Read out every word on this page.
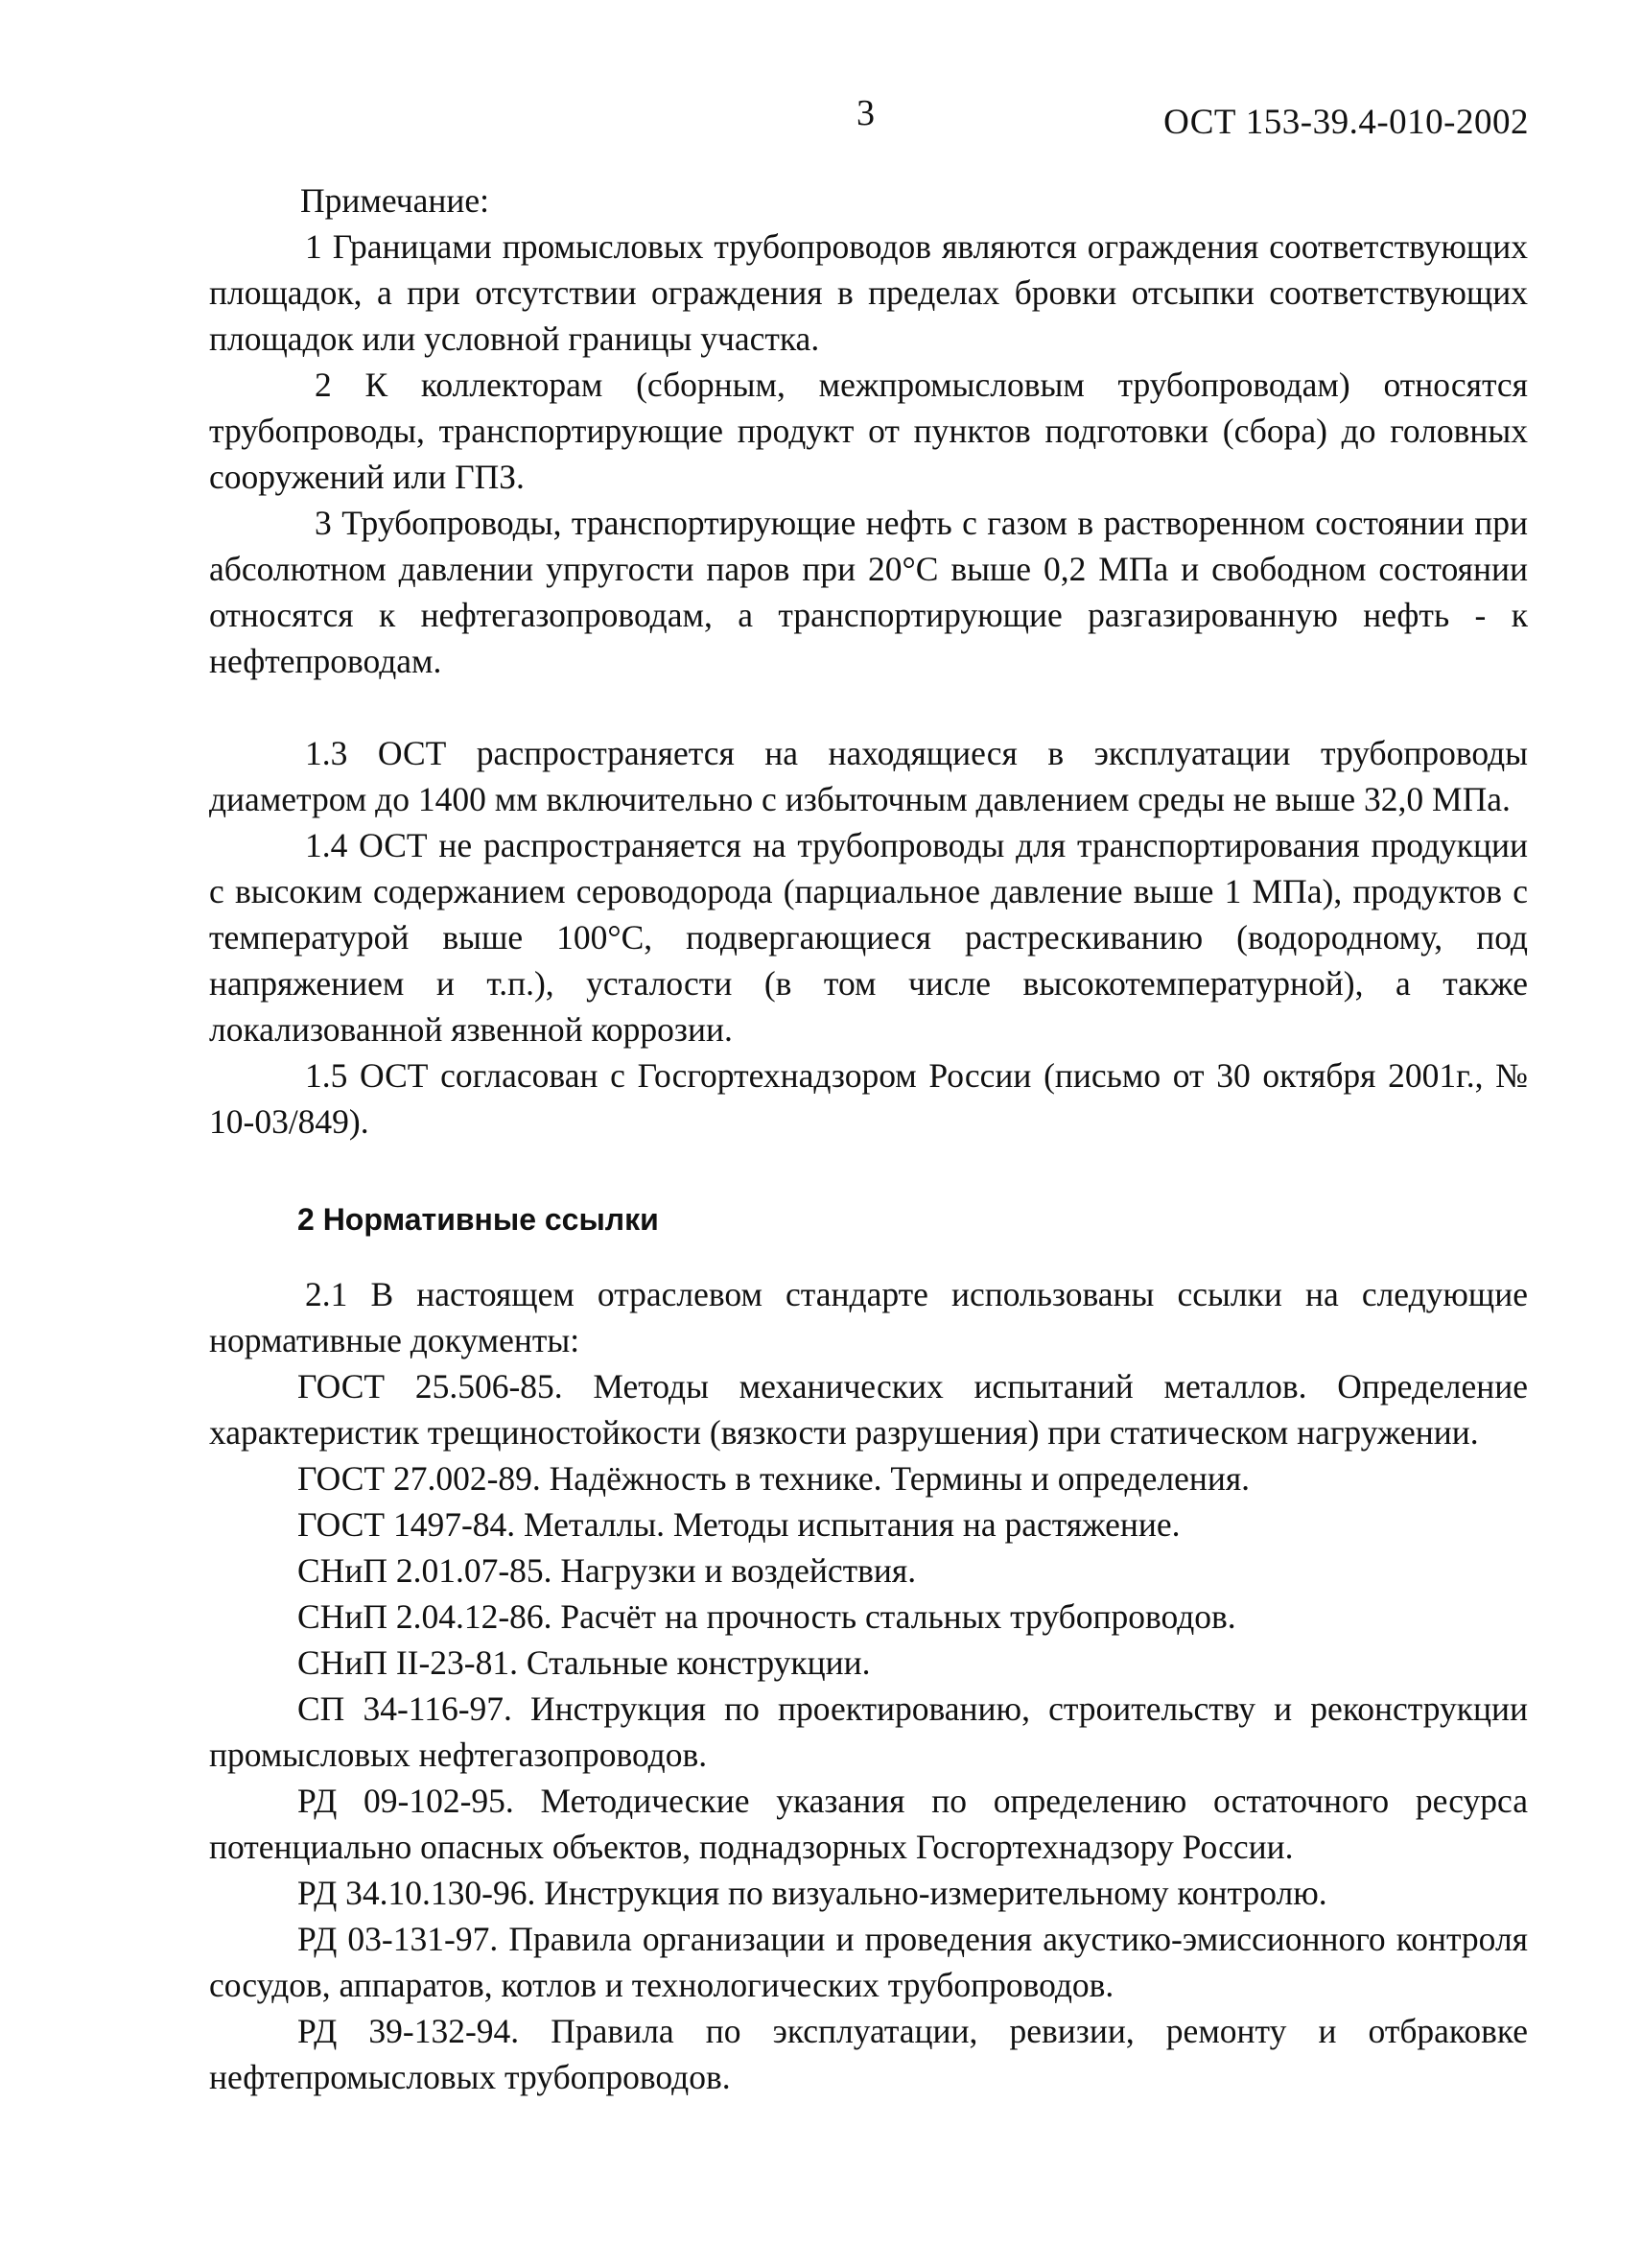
3	ОСТ 153-39.4-010-2002

Примечание:

1 Границами промысловых трубопроводов являются ограждения соответствующих площадок, а при отсутствии ограждения в пределах бровки отсыпки соответствующих площадок или условной границы участка.

2 К коллекторам (сборным, межпромысловым трубопроводам) относятся трубопроводы, транспортирующие продукт от пунктов подготовки (сбора) до головных сооружений или ГПЗ.

3 Трубопроводы, транспортирующие нефть с газом в растворенном состоянии при абсолютном давлении упругости паров при 20°С выше 0,2 МПа и свободном состоянии относятся к нефтегазопроводам, а транспортирующие разгазированную нефть - к нефтепроводам.

1.3 ОСТ распространяется на находящиеся в эксплуатации трубопроводы диаметром до 1400 мм включительно с избыточным давлением среды не выше 32,0 МПа.

1.4 ОСТ не распространяется на трубопроводы для транспортирования продукции с высоким содержанием сероводорода (парциальное давление выше 1 МПа), продуктов с температурой выше 100°С, подвергающиеся растрескиванию (водородному, под напряжением и т.п.), усталости (в том числе высокотемпературной), а также локализованной язвенной коррозии.

1.5 ОСТ согласован с Госгортехнадзором России (письмо от 30 октября 2001г., № 10-03/849).

2 Нормативные ссылки

2.1 В настоящем отраслевом стандарте использованы ссылки на следующие нормативные документы:

ГОСТ 25.506-85. Методы механических испытаний металлов. Определение характеристик трещиностойкости (вязкости разрушения) при статическом нагружении.

ГОСТ 27.002-89. Надёжность в технике. Термины и определения.

ГОСТ 1497-84. Металлы. Методы испытания на растяжение.

СНиП 2.01.07-85. Нагрузки и воздействия.

СНиП 2.04.12-86. Расчёт на прочность стальных трубопроводов.

СНиП II-23-81. Стальные конструкции.

СП 34-116-97. Инструкция по проектированию, строительству и реконструкции промысловых нефтегазопроводов.

РД 09-102-95. Методические указания по определению остаточного ресурса потенциально опасных объектов, поднадзорных Госгортехнадзору России.

РД 34.10.130-96. Инструкция по визуально-измерительному контролю.

РД 03-131-97. Правила организации и проведения акустико-эмиссионного контроля сосудов, аппаратов, котлов и технологических трубопроводов.

РД 39-132-94. Правила по эксплуатации, ревизии, ремонту и отбраковке нефтепромысловых трубопроводов.
